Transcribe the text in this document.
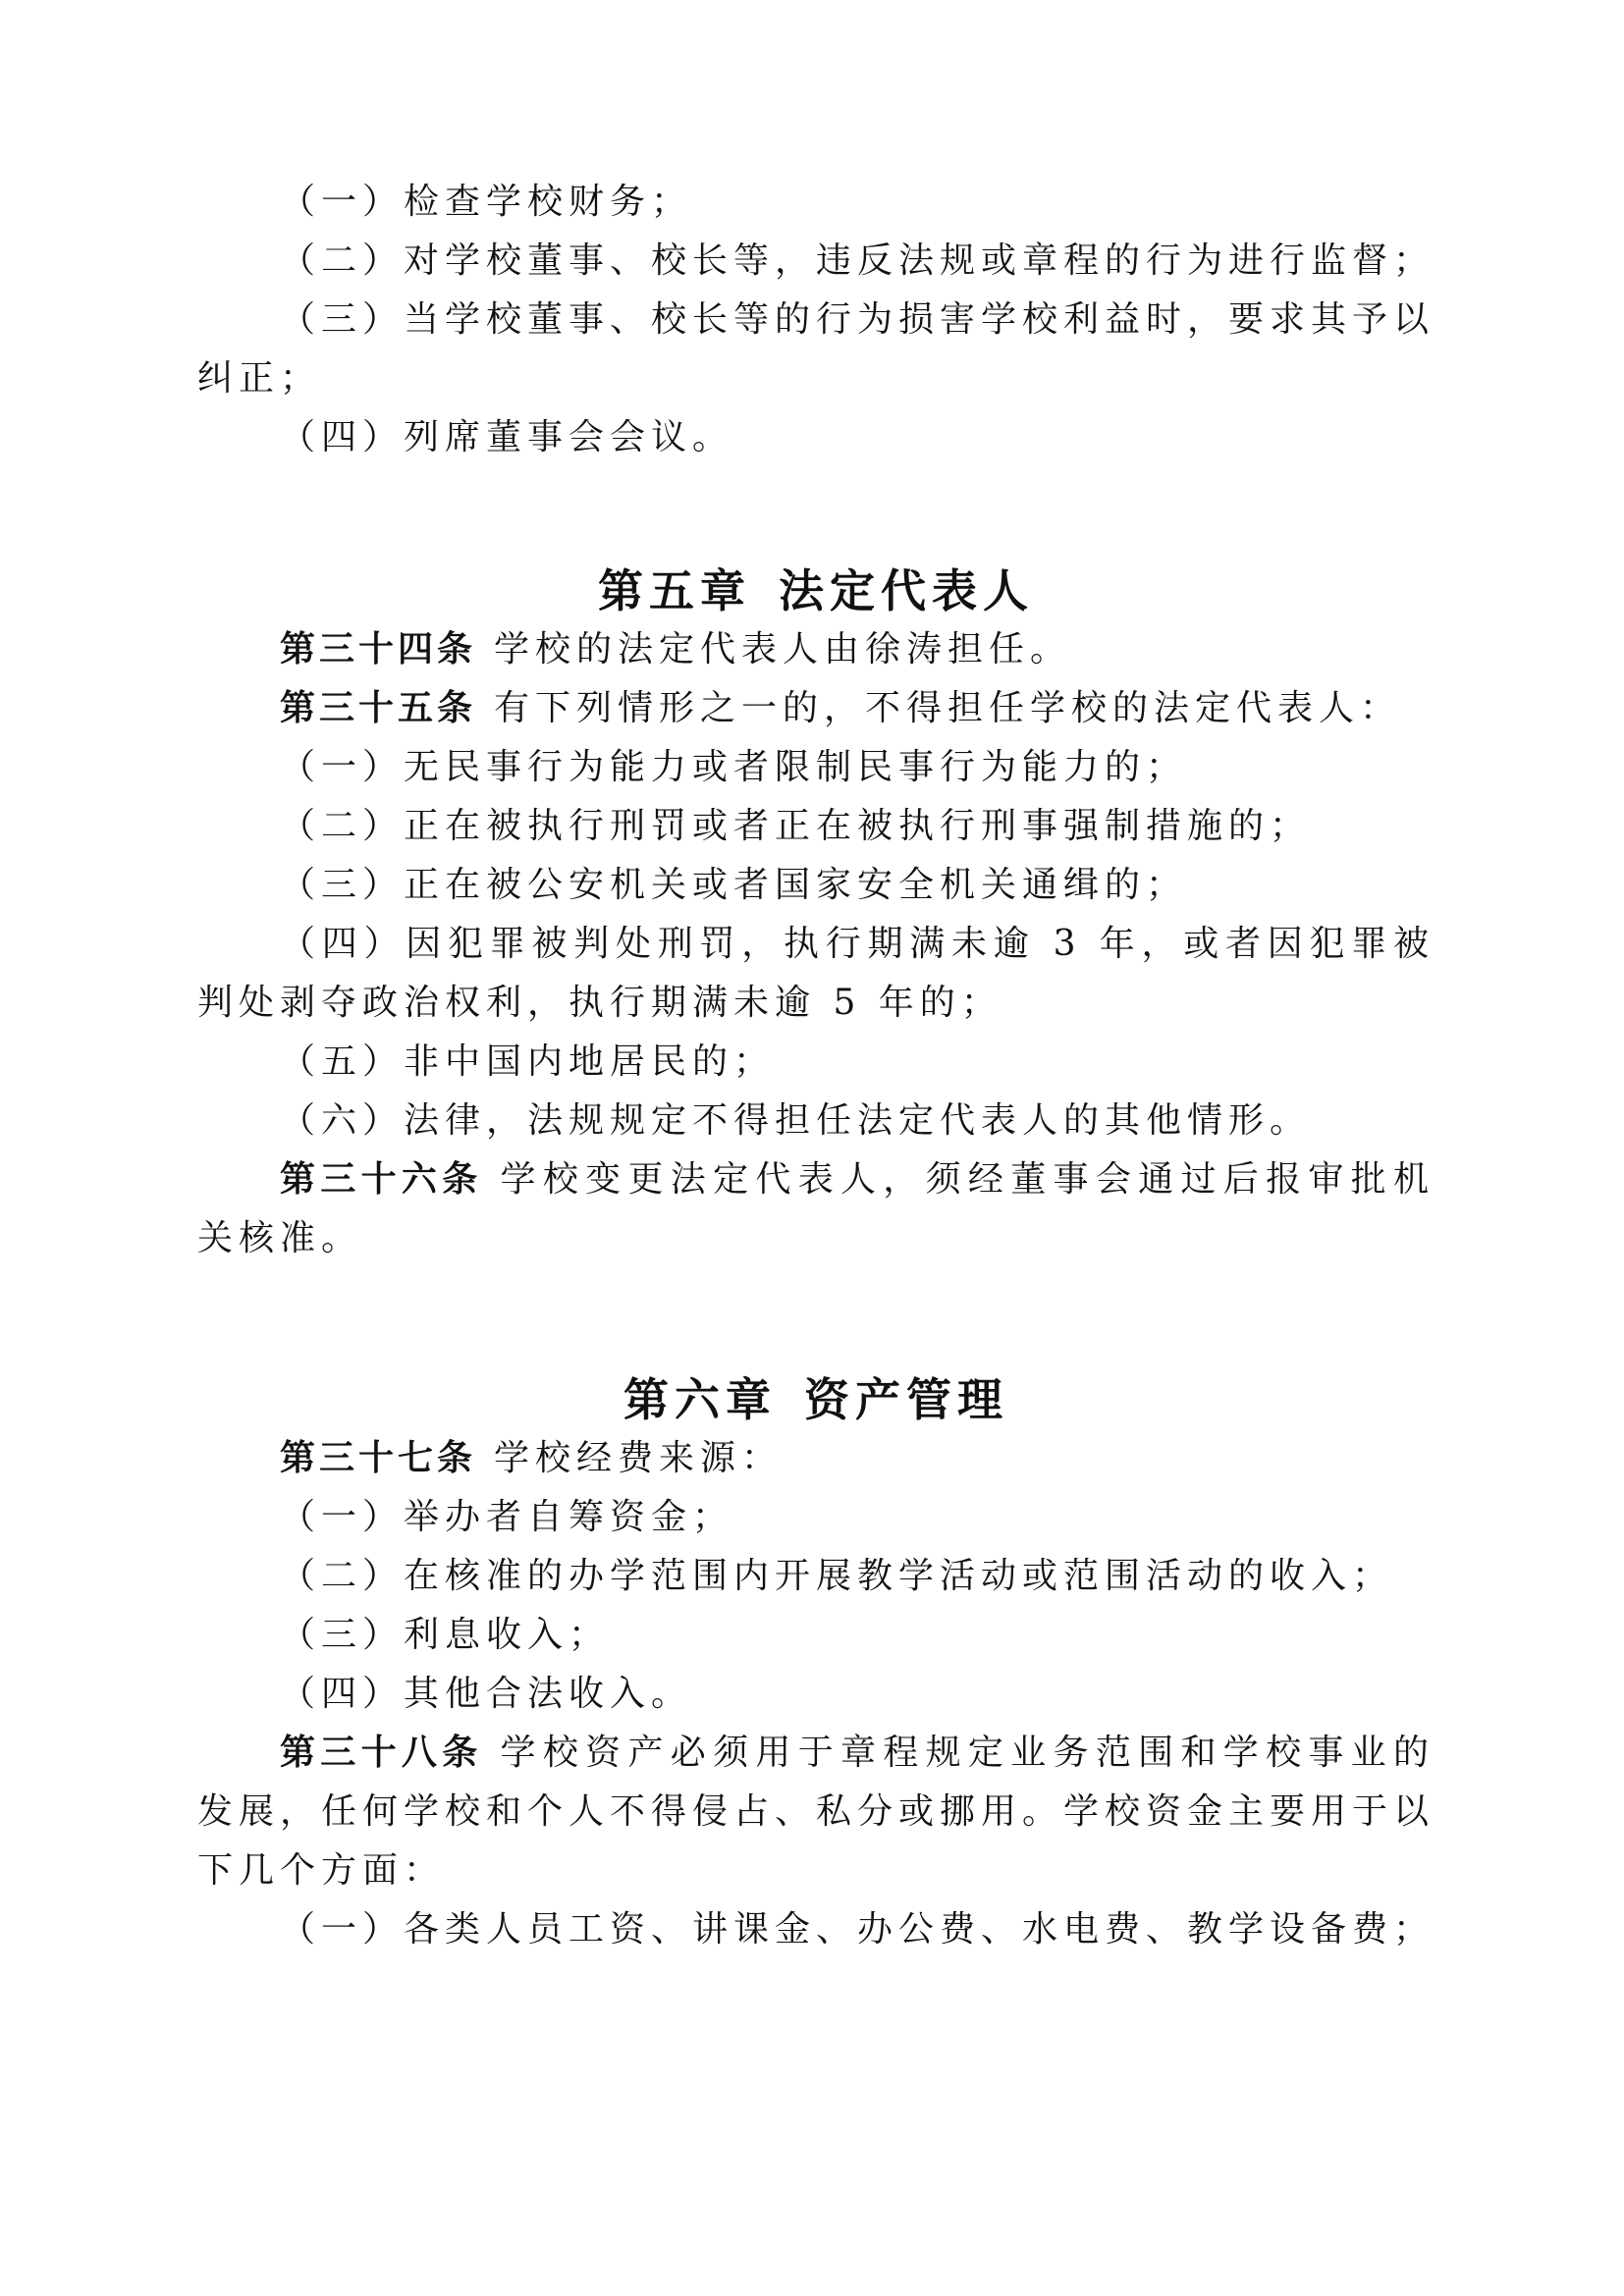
（一）检查学校财务；

（二）对学校董事、校长等，违反法规或章程的行为进行监督；

（三）当学校董事、校长等的行为损害学校利益时，要求其予以纠正；

（四）列席董事会会议。

第五章 法定代表人

第三十四条 学校的法定代表人由徐涛担任。

第三十五条 有下列情形之一的，不得担任学校的法定代表人：

（一）无民事行为能力或者限制民事行为能力的；

（二）正在被执行刑罚或者正在被执行刑事强制措施的；

（三）正在被公安机关或者国家安全机关通缉的；

（四）因犯罪被判处刑罚，执行期满未逾 3 年，或者因犯罪被判处剥夺政治权利，执行期满未逾 5 年的；

（五）非中国内地居民的；

（六）法律，法规规定不得担任法定代表人的其他情形。

第三十六条 学校变更法定代表人，须经董事会通过后报审批机关核准。

第六章 资产管理

第三十七条 学校经费来源：

（一）举办者自筹资金；

（二）在核准的办学范围内开展教学活动或范围活动的收入；

（三）利息收入；

（四）其他合法收入。

第三十八条 学校资产必须用于章程规定业务范围和学校事业的发展，任何学校和个人不得侵占、私分或挪用。学校资金主要用于以下几个方面：

（一）各类人员工资、讲课金、办公费、水电费、教学设备费；
